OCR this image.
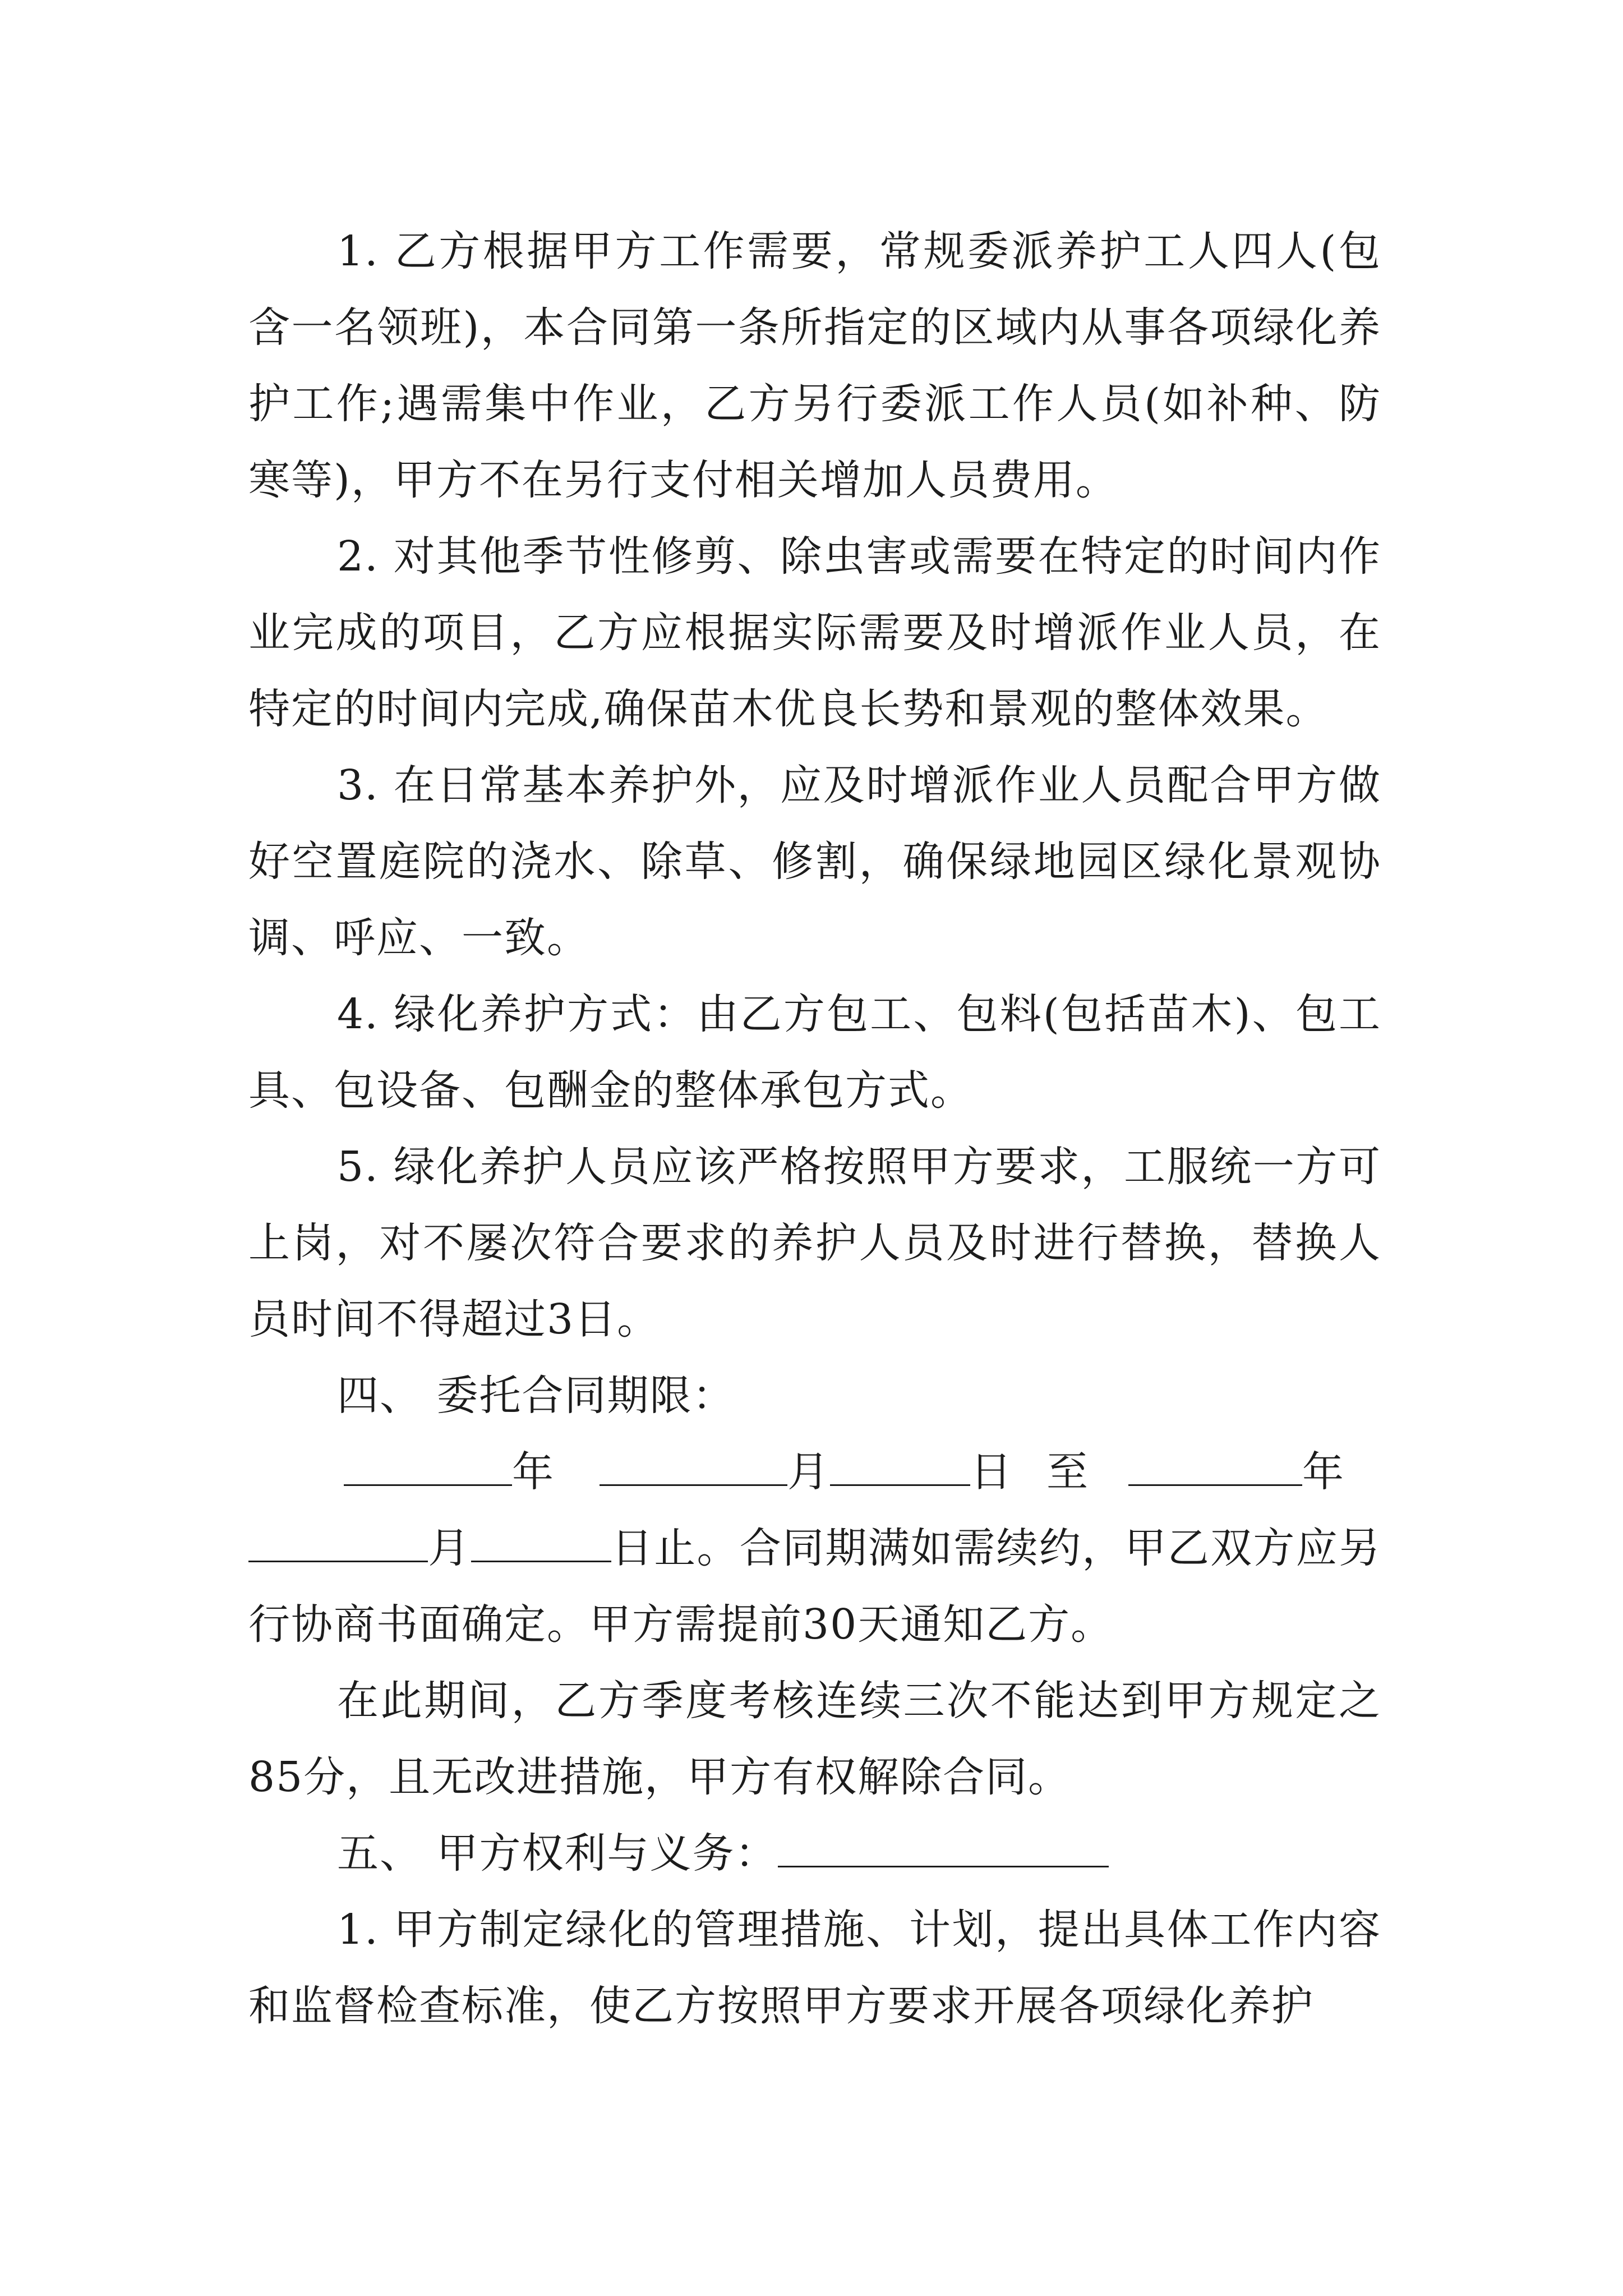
1. 乙方根据甲方工作需要，常规委派养护工人四人(包含一名领班)，本合同第一条所指定的区域内从事各项绿化养护工作;遇需集中作业，乙方另行委派工作人员(如补种、防寒等)，甲方不在另行支付相关增加人员费用。

2. 对其他季节性修剪、除虫害或需要在特定的时间内作业完成的项目，乙方应根据实际需要及时增派作业人员，在特定的时间内完成,确保苗木优良长势和景观的整体效果。

3. 在日常基本养护外，应及时增派作业人员配合甲方做好空置庭院的浇水、除草、修割，确保绿地园区绿化景观协调、呼应、一致。

4. 绿化养护方式：由乙方包工、包料(包括苗木)、包工具、包设备、包酬金的整体承包方式。

5. 绿化养护人员应该严格按照甲方要求，工服统一方可上岗，对不屡次符合要求的养护人员及时进行替换，替换人员时间不得超过3日。

四、 委托合同期限：

年	月	日 至	年

月	日止。合同期满如需续约，甲乙双方应另行协商书面确定。甲方需提前30天通知乙方。

在此期间，乙方季度考核连续三次不能达到甲方规定之85分，且无改进措施，甲方有权解除合同。

五、 甲方权利与义务：

1. 甲方制定绿化的管理措施、计划，提出具体工作内容和监督检查标准，使乙方按照甲方要求开展各项绿化养护
